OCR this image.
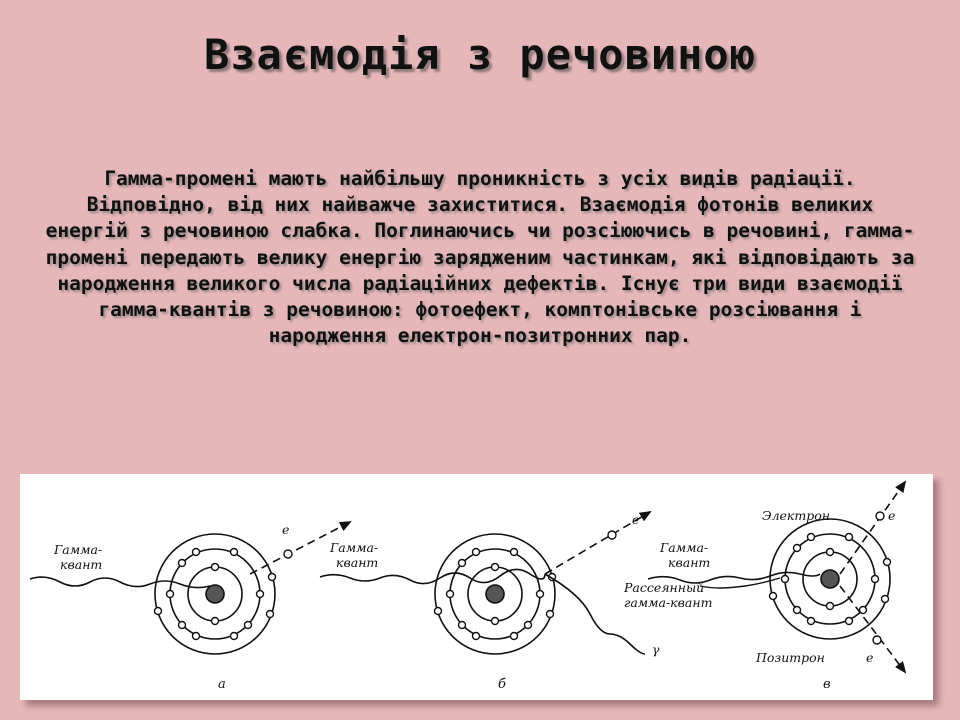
Взаємодія з речовиною
Гамма-промені мають найбільшу проникність з усіх видів радіації. Відповідно, від них найважче захиститися. Взаємодія фотонів великих енергій з речовиною слабка. Поглинаючись чи розсіюючись в речовині, гамма-промені передають велику енергію зарядженим частинкам, які відповідають за народження великого числа радіаційних дефектів. Існує три види взаємодії гамма-квантів з речовиною: фотоефект, комптонівське розсіювання і народження електрон-позитронних пар.
Гамма-
квант
e
а
Гамма-
квант
e
γ
б
Гамма-
квант
Рассеянный
гамма-квант
Электрон	e
Позитрон	e
в
